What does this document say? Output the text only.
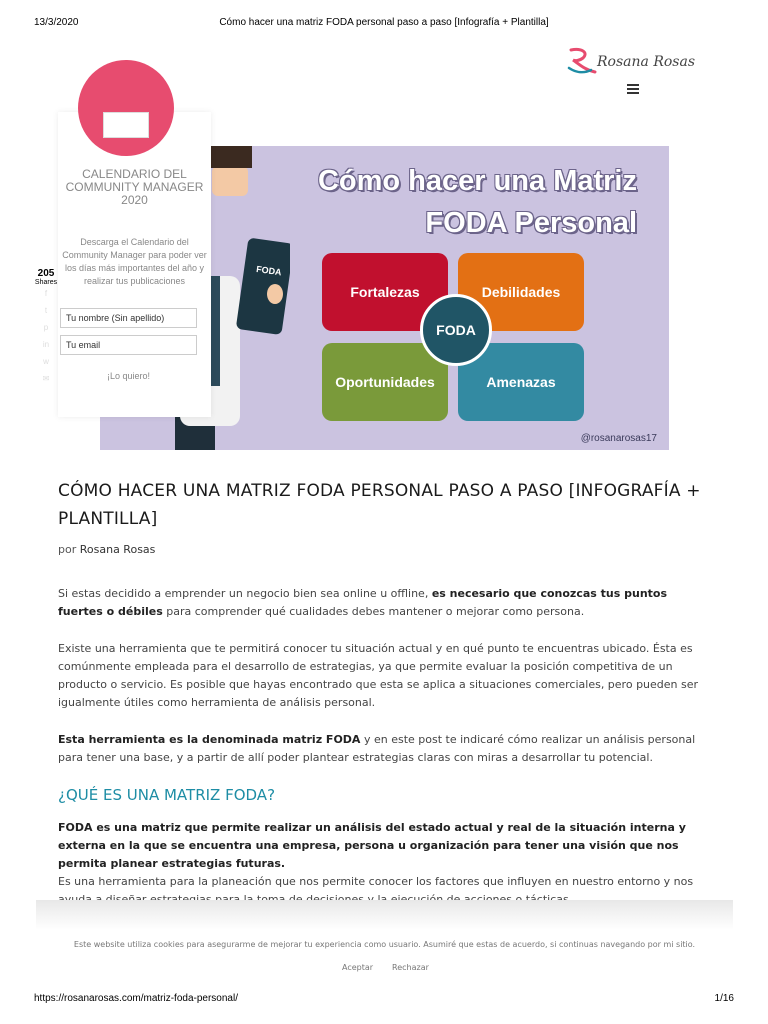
13/3/2020	Cómo hacer una matriz FODA personal paso a paso [Infografía + Plantilla]
Rosana Rosas
FODA
Cómo hacer una Matriz
FODA Personal
Fortalezas	Debilidades
Oportunidades	Amenazas
FODA
@rosanarosas17
205
Shares
f
t
p
in
w
✉
CALENDARIO DEL COMMUNITY MANAGER 2020
Descarga el Calendario del Community Manager para poder ver los días más importantes del año y realizar tus publicaciones
Tu nombre (Sin apellido)
Tu email
¡Lo quiero!
CÓMO HACER UNA MATRIZ FODA PERSONAL PASO A PASO [INFOGRAFÍA + PLANTILLA]
por Rosana Rosas
Si estas decidido a emprender un negocio bien sea online u offline, es necesario que conozcas tus puntos fuertes o débiles para comprender qué cualidades debes mantener o mejorar como persona.
Existe una herramienta que te permitirá conocer tu situación actual y en qué punto te encuentras ubicado. Ésta es comúnmente empleada para el desarrollo de estrategias, ya que permite evaluar la posición competitiva de un producto o servicio. Es posible que hayas encontrado que esta se aplica a situaciones comerciales, pero pueden ser igualmente útiles como herramienta de análisis personal.
Esta herramienta es la denominada matriz FODA y en este post te indicaré cómo realizar un análisis personal para tener una base, y a partir de allí poder plantear estrategias claras con miras a desarrollar tu potencial.
¿QUÉ ES UNA MATRIZ FODA?
FODA es una matriz que permite realizar un análisis del estado actual y real de la situación interna y externa en la que se encuentra una empresa, persona u organización para tener una visión que nos permita planear estrategias futuras.
Es una herramienta para la planeación que nos permite conocer los factores que influyen en nuestro entorno y nos
Este website utiliza cookies para asegurarme de mejorar tu experiencia como usuario. Asumiré que estas de acuerdo, si continuas navegando por mi sitio.
Aceptar Rechazar
https://rosanarosas.com/matriz-foda-personal/	1/16
